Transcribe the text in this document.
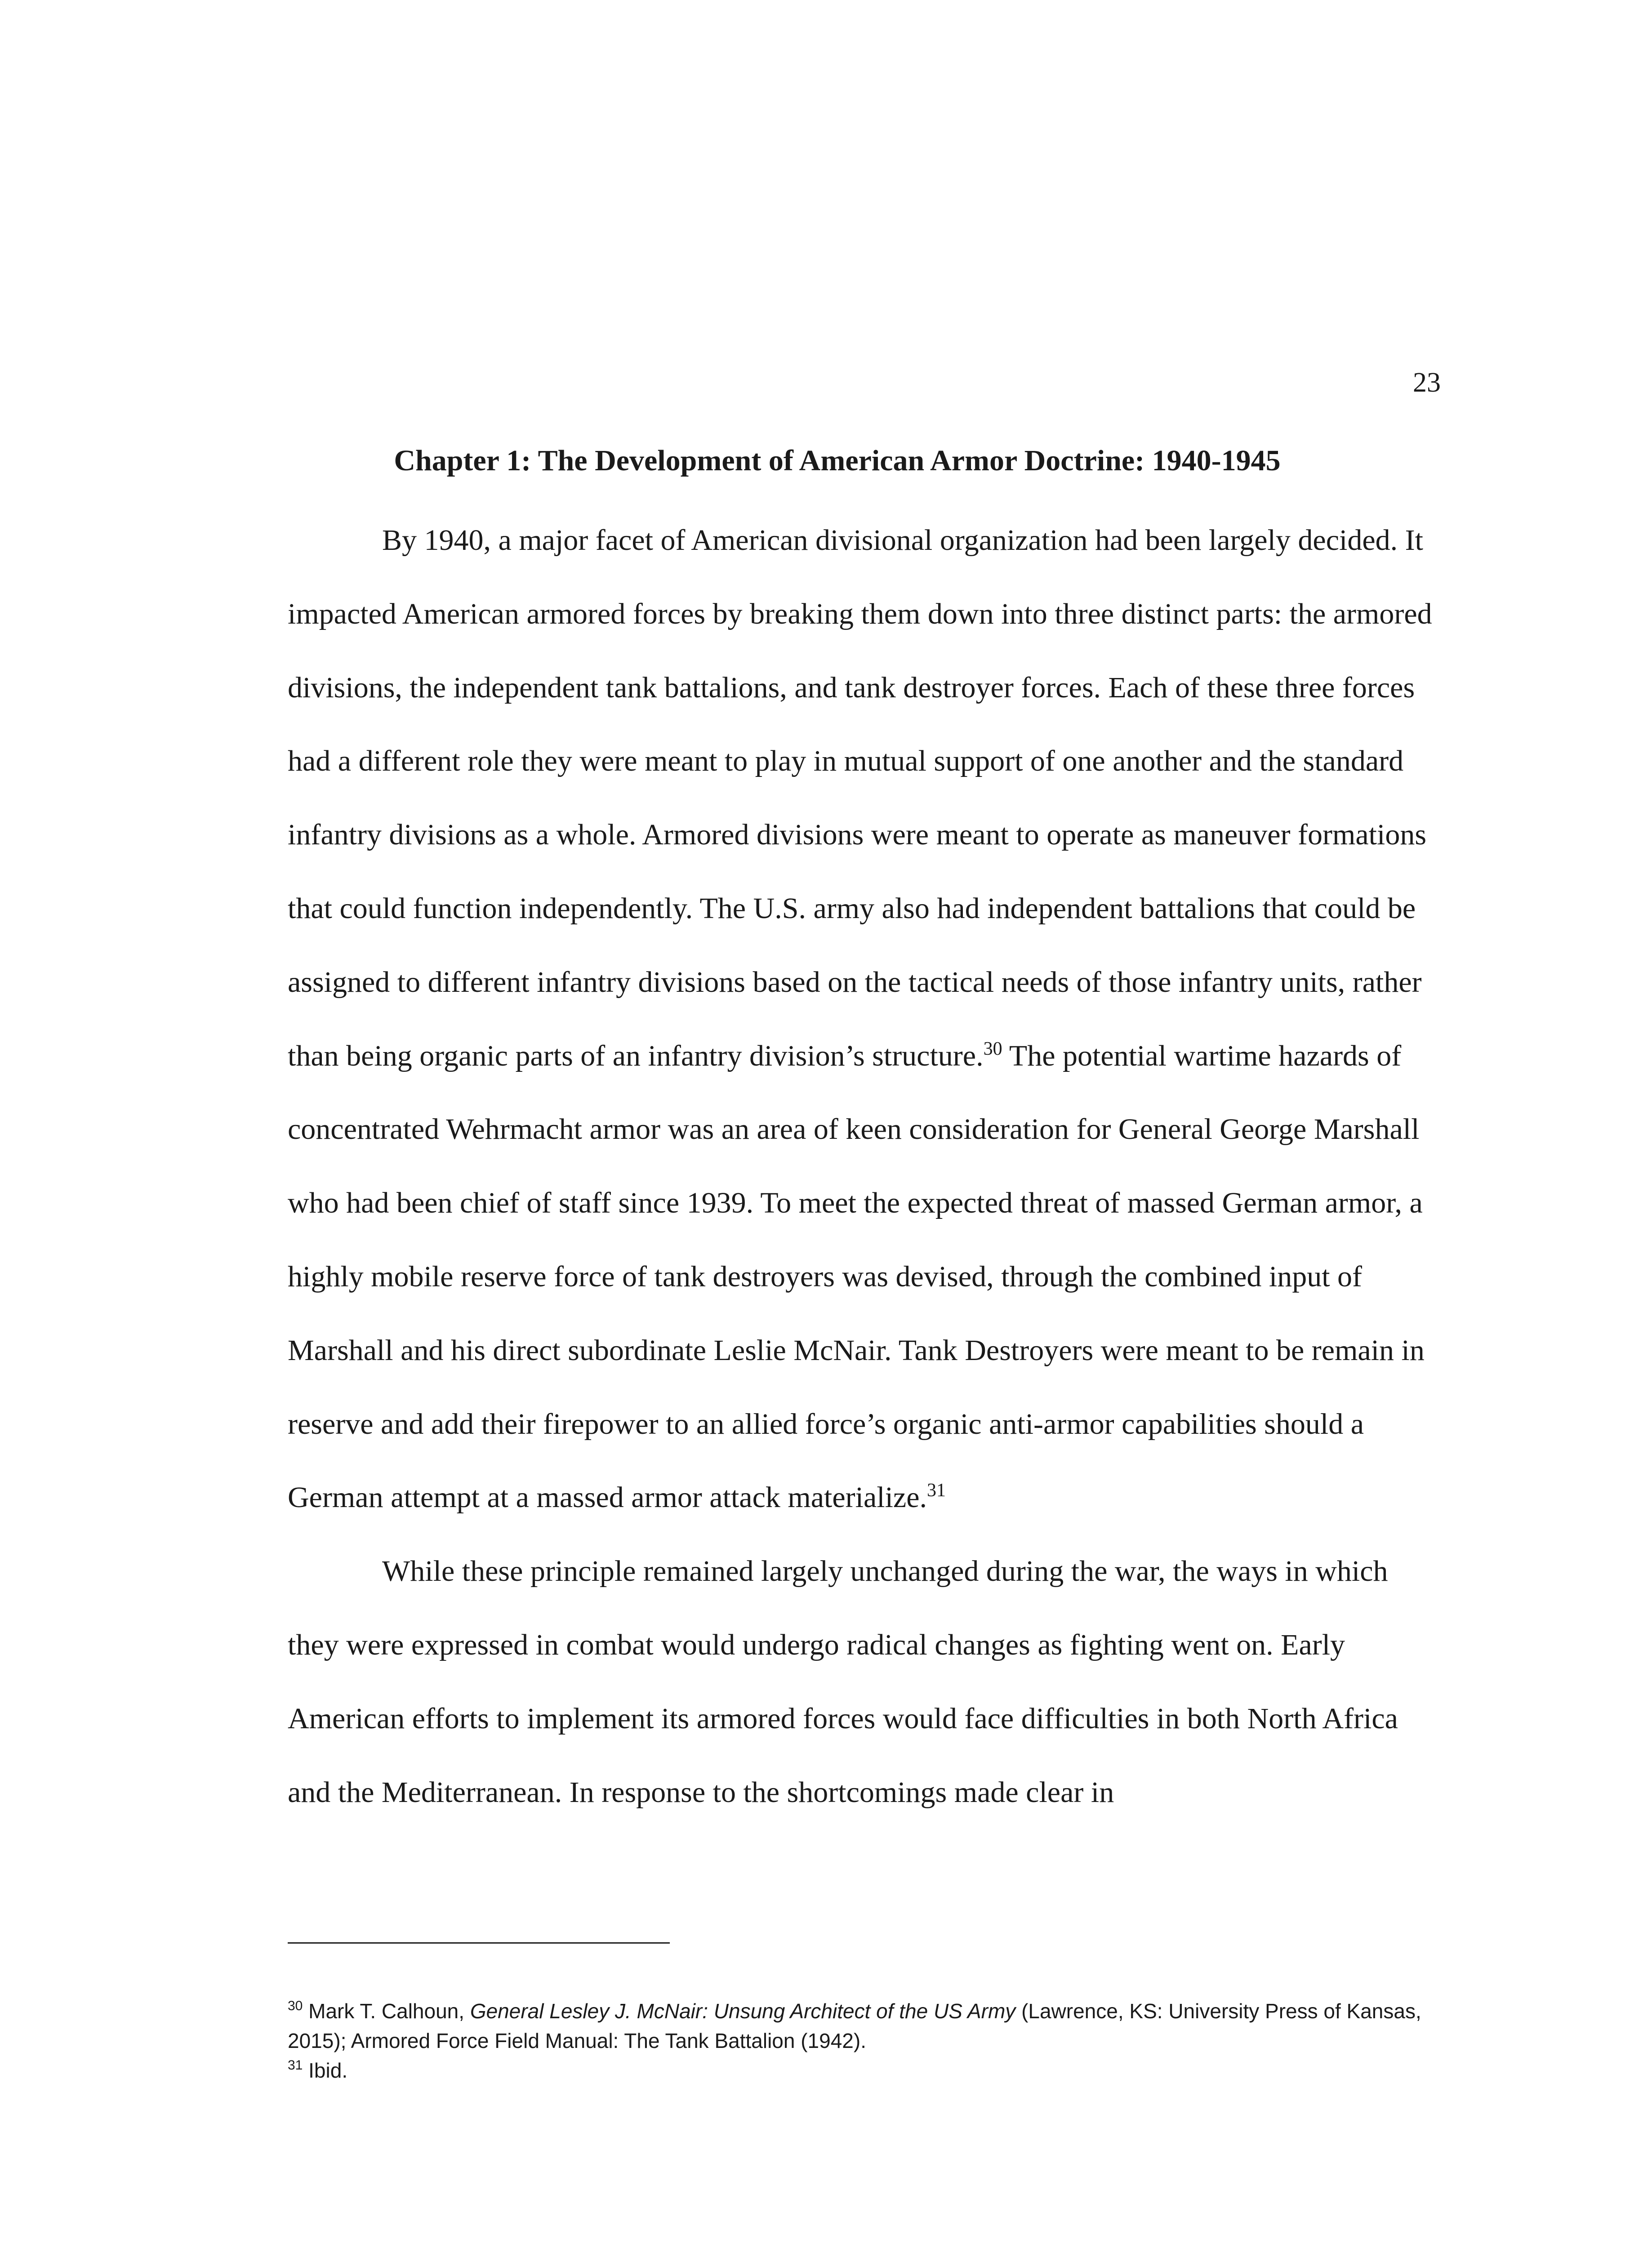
23
Chapter 1: The Development of American Armor Doctrine: 1940-1945

By 1940, a major facet of American divisional organization had been largely decided. It impacted American armored forces by breaking them down into three distinct parts: the armored divisions, the independent tank battalions, and tank destroyer forces. Each of these three forces had a different role they were meant to play in mutual support of one another and the standard infantry divisions as a whole. Armored divisions were meant to operate as maneuver formations that could function independently. The U.S. army also had independent battalions that could be assigned to different infantry divisions based on the tactical needs of those infantry units, rather than being organic parts of an infantry division’s structure.$^{30}$ The potential wartime hazards of concentrated Wehrmacht armor was an area of keen consideration for General George Marshall who had been chief of staff since 1939. To meet the expected threat of massed German armor, a highly mobile reserve force of tank destroyers was devised, through the combined input of Marshall and his direct subordinate Leslie McNair. Tank Destroyers were meant to be remain in reserve and add their firepower to an allied force’s organic anti-armor capabilities should a German attempt at a massed armor attack materialize.$^{31}$

While these principle remained largely unchanged during the war, the ways in which they were expressed in combat would undergo radical changes as fighting went on. Early American efforts to implement its armored forces would face difficulties in both North Africa and the Mediterranean. In response to the shortcomings made clear in

$^{30}$ Mark T. Calhoun, General Lesley J. McNair: Unsung Architect of the US Army (Lawrence, KS: University Press of Kansas, 2015); Armored Force Field Manual: The Tank Battalion (1942).

$^{31}$ Ibid.
